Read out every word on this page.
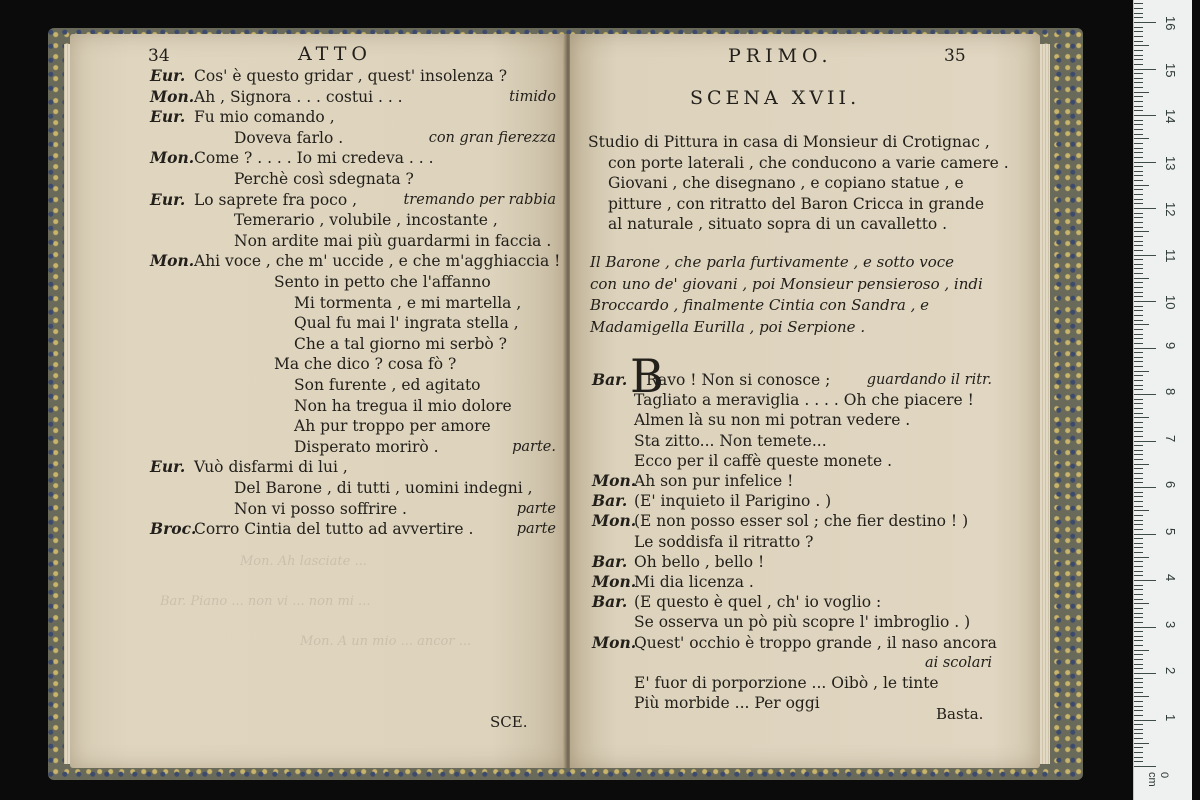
Mon. Ah lasciate ...
Bar. Piano ... non vi ... non mi ...
Mon. A un mio ... ancor ...
34	ATTO
Eur. Cos' è questo gridar , quest' insolenza ?
Mon. Ah , Signora . . . costui . . .	timido
Eur. Fu mio comando ,
Doveva farlo .	con gran fierezza
Mon. Come ? . . . . Io mi credeva . . .
Perchè così sdegnata ?
Eur. Lo saprete fra poco ,	tremando per rabbia
Temerario , volubile , incostante ,
Non ardite mai più guardarmi in faccia .
Mon. Ahi voce , che m' uccide , e che m'agghiaccia !
Sento in petto che l'affanno
Mi tormenta , e mi martella ,
Qual fu mai l' ingrata stella ,
Che a tal giorno mi serbò ?
Ma che dico ? cosa fò ?
Son furente , ed agitato
Non ha tregua il mio dolore
Ah pur troppo per amore
Disperato morirò .	parte.
Eur. Vuò disfarmi di lui ,
Del Barone , di tutti , uomini indegni ,
Non vi posso soffrire .	parte
Broc.
Corro Cintia del tutto ad avvertire .	parte
SCE.
PRIMO.	35
SCENA XVII.
Studio di Pittura in casa di Monsieur di Crotignac ,
con porte laterali , che conducono a varie camere .
Giovani , che disegnano , e copiano statue , e
pitture , con ritratto del Baron Cricca in grande
al naturale , situato sopra di un cavalletto .
Il Barone , che parla furtivamente , e sotto voce
con uno de' giovani , poi Monsieur pensieroso , indi
Broccardo , finalmente Cintia con Sandra , e
Madamigella Eurilla , poi Serpione .
B
Bar. Ravo ! Non si conosce ;	guardando il ritr.
Tagliato a meraviglia . . . . Oh che piacere !
Almen là su non mi potran vedere .
Sta zitto... Non temete...
Ecco per il caffè queste monete .
Mon.
Ah son pur infelice !
Bar. (E' inquieto il Parigino . )
Mon.
(E non posso esser sol ; che fier destino ! )
Le soddisfa il ritratto ?
Bar. Oh bello , bello !
Mon.
Mi dia licenza .
Bar. (E questo è quel , ch' io voglio :
Se osserva un pò più scopre l' imbroglio . )
Mon.
Quest' occhio è troppo grande , il naso ancora
ai scolari
E' fuor di porporzione ... Oibò , le tinte
Più morbide ... Per oggi
Basta.
0 cm
1
2
3
4
5
6
7
8
9
10
11
12
13
14
15
16
